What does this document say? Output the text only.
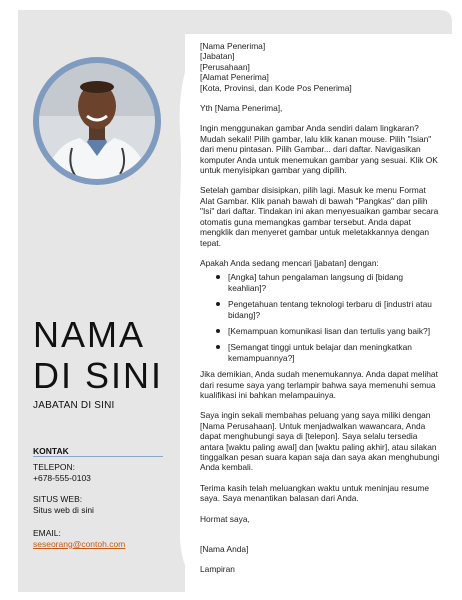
NAMA
DI SINI
JABATAN DI SINI
KONTAK
TELEPON:
+678-555-0103
SITUS WEB:
Situs web di sini
EMAIL:
seseorang@contoh.com
[Nama Penerima]
[Jabatan]
[Perusahaan]
[Alamat Penerima]
[Kota, Provinsi, dan Kode Pos Penerima]

Yth [Nama Penerima],

Ingin menggunakan gambar Anda sendiri dalam lingkaran? Mudah sekali! Pilih gambar, lalu klik kanan mouse. Pilih "Isian" dari menu pintasan. Pilih Gambar... dari daftar. Navigasikan komputer Anda untuk menemukan gambar yang sesuai. Klik OK untuk menyisipkan gambar yang dipilih.

Setelah gambar disisipkan, pilih lagi. Masuk ke menu Format Alat Gambar. Klik panah bawah di bawah "Pangkas" dan pilih "Isi" dari daftar. Tindakan ini akan menyesuaikan gambar secara otomatis guna memangkas gambar tersebut. Anda dapat mengklik dan menyeret gambar untuk meletakkannya dengan tepat.

Apakah Anda sedang mencari [jabatan] dengan:

[Angka] tahun pengalaman langsung di [bidang keahlian]?
Pengetahuan tentang teknologi terbaru di [industri atau bidang]?
[Kemampuan komunikasi lisan dan tertulis yang baik?]
[Semangat tinggi untuk belajar dan meningkatkan kemampuannya?]

Jika demikian, Anda sudah menemukannya. Anda dapat melihat dari resume saya yang terlampir bahwa saya memenuhi semua kualifikasi ini bahkan melampauinya.

Saya ingin sekali membahas peluang yang saya miliki dengan [Nama Perusahaan]. Untuk menjadwalkan wawancara, Anda dapat menghubungi saya di [telepon]. Saya selalu tersedia antara [waktu paling awal] dan [waktu paling akhir], atau silakan tinggalkan pesan suara kapan saja dan saya akan menghubungi Anda kembali.

Terima kasih telah meluangkan waktu untuk meninjau resume saya. Saya menantikan balasan dari Anda.

Hormat saya,

[Nama Anda]

Lampiran
